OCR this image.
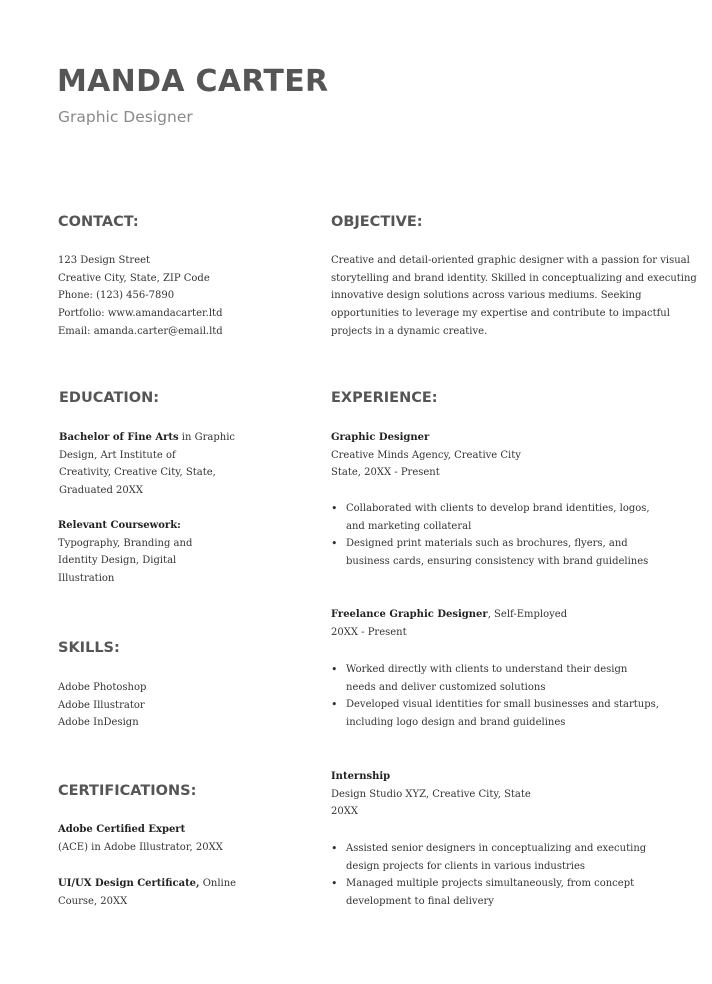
MANDA CARTER
Graphic Designer
CONTACT:
123 Design Street
Creative City, State, ZIP Code
Phone: (123) 456-7890
Portfolio: www.amandacarter.ltd
Email: amanda.carter@email.ltd
OBJECTIVE:
Creative and detail-oriented graphic designer with a passion for visual
storytelling and brand identity. Skilled in conceptualizing and executing
innovative design solutions across various mediums. Seeking
opportunities to leverage my expertise and contribute to impactful
projects in a dynamic creative.
EDUCATION:
Bachelor of Fine Arts in Graphic
Design, Art Institute of
Creativity, Creative City, State,
Graduated 20XX
Relevant Coursework:
Typography, Branding and
Identity Design, Digital
Illustration
SKILLS:
Adobe Photoshop
Adobe Illustrator
Adobe InDesign
CERTIFICATIONS:
Adobe Certified Expert
(ACE) in Adobe Illustrator, 20XX
UI/UX Design Certificate, Online
Course, 20XX
EXPERIENCE:
Graphic Designer
Creative Minds Agency, Creative City
State, 20XX - Present
• Collaborated with clients to develop brand identities, logos,
and marketing collateral
• Designed print materials such as brochures, flyers, and
business cards, ensuring consistency with brand guidelines
Freelance Graphic Designer, Self-Employed
20XX - Present
• Worked directly with clients to understand their design
needs and deliver customized solutions
• Developed visual identities for small businesses and startups,
including logo design and brand guidelines
Internship
Design Studio XYZ, Creative City, State
20XX
• Assisted senior designers in conceptualizing and executing
design projects for clients in various industries
• Managed multiple projects simultaneously, from concept
development to final delivery
